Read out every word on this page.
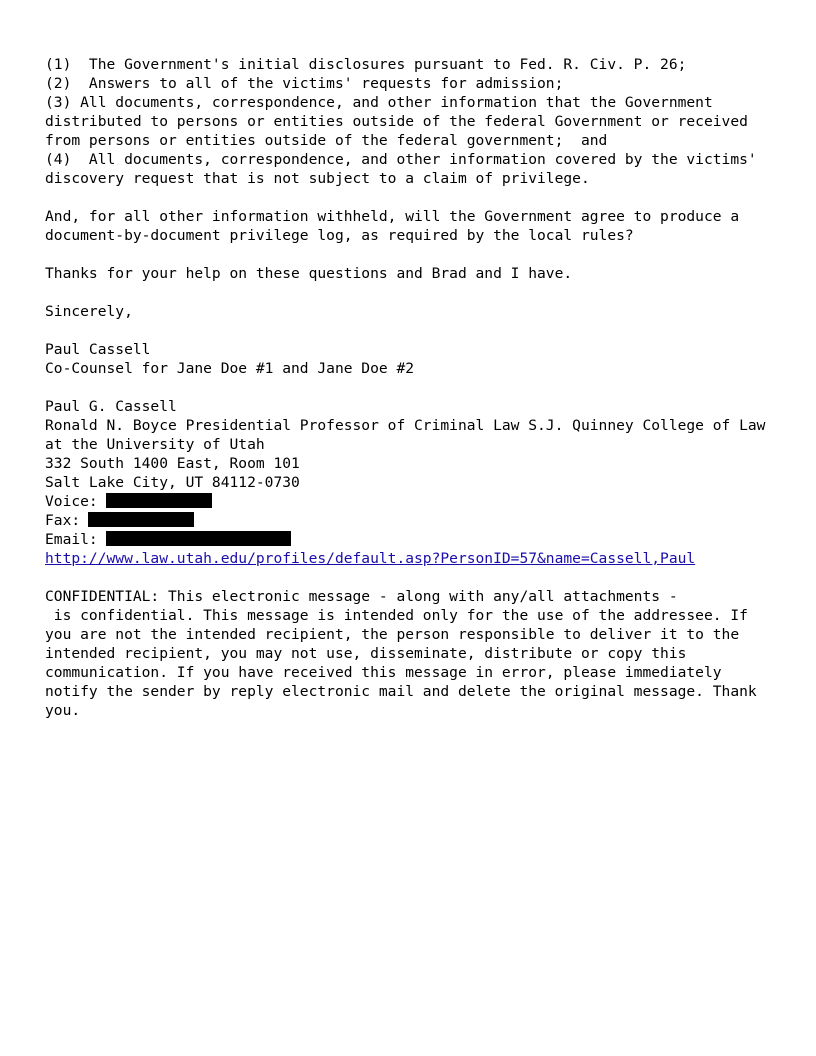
(1)  The Government's initial disclosures pursuant to Fed. R. Civ. P. 26;
(2)  Answers to all of the victims' requests for admission;
(3) All documents, correspondence, and other information that the Government
distributed to persons or entities outside of the federal Government or received
from persons or entities outside of the federal government;  and
(4)  All documents, correspondence, and other information covered by the victims'
discovery request that is not subject to a claim of privilege.
And, for all other information withheld, will the Government agree to produce a
document-by-document privilege log, as required by the local rules?
Thanks for your help on these questions and Brad and I have.
Sincerely,
Paul Cassell
Co-Counsel for Jane Doe #1 and Jane Doe #2
Paul G. Cassell
Ronald N. Boyce Presidential Professor of Criminal Law S.J. Quinney College of Law
at the University of Utah
332 South 1400 East, Room 101
Salt Lake City, UT 84112-0730
Voice:
Fax:
Email:
http://www.law.utah.edu/profiles/default.asp?PersonID=57&name=Cassell,Paul
CONFIDENTIAL: This electronic message - along with any/all attachments -
is confidential. This message is intended only for the use of the addressee. If
you are not the intended recipient, the person responsible to deliver it to the
intended recipient, you may not use, disseminate, distribute or copy this
communication. If you have received this message in error, please immediately
notify the sender by reply electronic mail and delete the original message. Thank
you.
